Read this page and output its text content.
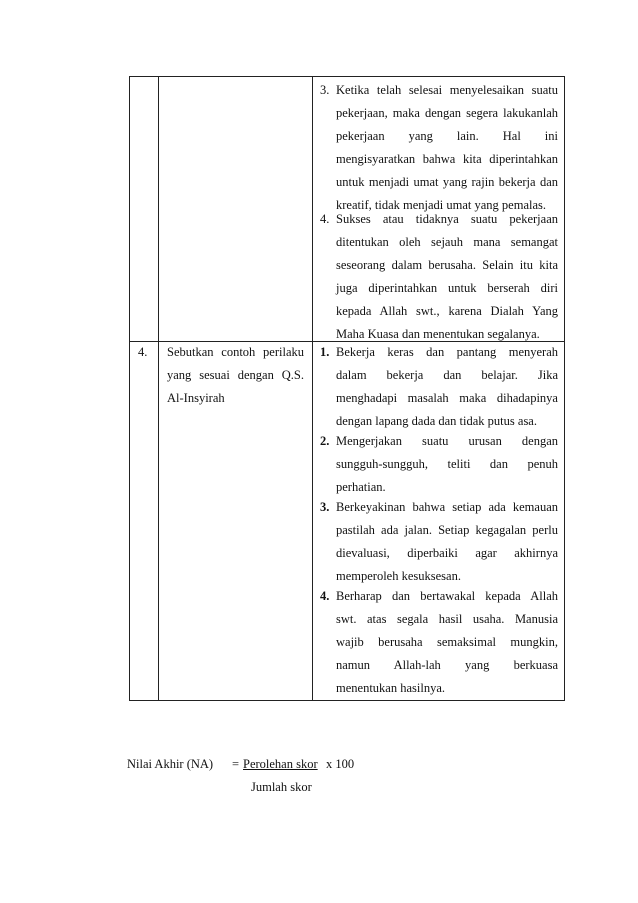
3. Ketika telah selesai menyelesaikan suatu
pekerjaan, maka dengan segera lakukanlah
pekerjaan yang lain. Hal ini
mengisyaratkan bahwa kita diperintahkan
untuk menjadi umat yang rajin bekerja dan
kreatif, tidak menjadi umat yang pemalas.
4. Sukses atau tidaknya suatu pekerjaan
ditentukan oleh sejauh mana semangat
seseorang dalam berusaha. Selain itu kita
juga diperintahkan untuk berserah diri
kepada Allah swt., karena Dialah Yang
Maha Kuasa dan menentukan segalanya.
4. Sebutkan contoh perilaku
yang sesuai dengan Q.S.
Al-Insyirah
1. Bekerja keras dan pantang menyerah
dalam bekerja dan belajar. Jika
menghadapi masalah maka dihadapinya
dengan lapang dada dan tidak putus asa.
2. Mengerjakan suatu urusan dengan
sungguh-sungguh, teliti dan penuh
perhatian.
3. Berkeyakinan bahwa setiap ada kemauan
pastilah ada jalan. Setiap kegagalan perlu
dievaluasi, diperbaiki agar akhirnya
memperoleh kesuksesan.
4. Berharap dan bertawakal kepada Allah
swt. atas segala hasil usaha. Manusia
wajib berusaha semaksimal mungkin,
namun Allah-lah yang berkuasa
menentukan hasilnya.
Nilai Akhir (NA) = Perolehan skor x 100
Jumlah skor
